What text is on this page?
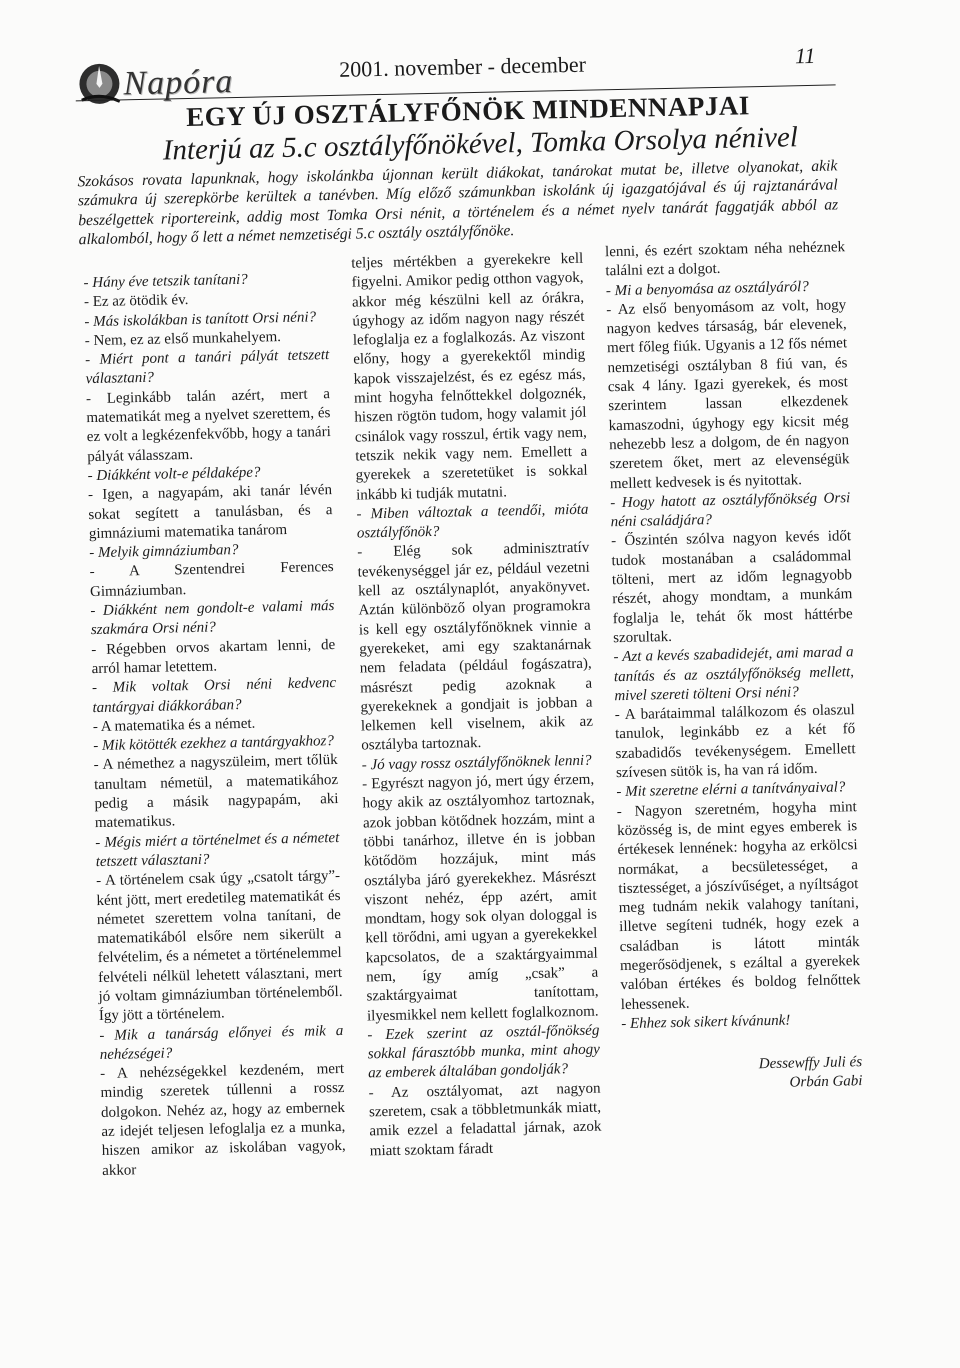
Napóra	2001. november - december	11
EGY ÚJ OSZTÁLYFŐNÖK MINDENNAPJAI
Interjú az 5.c osztályfőnökével, Tomka Orsolya nénivel
Szokásos rovata lapunknak, hogy iskolánkba újonnan került diákokat, tanárokat mutat be, illetve olyanokat, akik számukra új szerepkörbe kerültek a tanévben. Míg előző számunkban iskolánk új igazgatójával és új rajztanárával beszélgettek riportereink, addig most Tomka Orsi nénit, a történelem és a német nyelv tanárát faggatják abból az alkalomból, hogy ő lett a német nemzetiségi 5.c osztály osztályfőnöke.

- Hány éve tetszik tanítani?

- Ez az ötödik év.

- Más iskolákban is tanított Orsi néni?

- Nem, ez az első munkahelyem.

- Miért pont a tanári pályát tetszett választani?

- Leginkább talán azért, mert a matematikát meg a nyelvet szerettem, és ez volt a legkézenfekvőbb, hogy a tanári pályát válasszam.

- Diákként volt-e példaképe?

- Igen, a nagyapám, aki tanár lévén sokat segített a tanulásban, és a gimnáziumi matematika tanárom

- Melyik gimnáziumban?

- A Szentendrei Ferences Gimnáziumban.

- Diákként nem gondolt-e valami más szakmára Orsi néni?

- Régebben orvos akartam lenni, de arról hamar letettem.

- Mik voltak Orsi néni kedvenc tantárgyai diákkorában?

- A matematika és a német.

- Mik kötötték ezekhez a tantárgyakhoz?

- A némethez a nagyszüleim, mert tőlük tanultam németül, a matematikához pedig a másik nagypapám, aki matematikus.

- Mégis miért a történelmet és a németet tetszett választani?

- A történelem csak úgy „csatolt tárgy”-ként jött, mert eredetileg matematikát és németet szerettem volna tanítani, de matematikából elsőre nem sikerült a felvételim, és a németet a történelemmel felvételi nélkül lehetett választani, mert jó voltam gimnáziumban történelemből. Így jött a történelem.

- Mik a tanárság előnyei és mik a nehézségei?

- A nehézségekkel kezdeném, mert mindig szeretek túllenni a rossz dolgokon. Nehéz az, hogy az embernek az idejét teljesen lefoglalja ez a munka, hiszen amikor az iskolában vagyok, akkor

teljes mértékben a gyerekekre kell figyelni. Amikor pedig otthon vagyok, akkor még készülni kell az órákra, úgyhogy az időm nagyon nagy részét lefoglalja ez a foglalkozás. Az viszont előny, hogy a gyerekektől mindig kapok visszajelzést, és ez egész más, mint hogyha felnőttekkel dolgoznék, hiszen rögtön tudom, hogy valamit jól csinálok vagy rosszul, értik vagy nem, tetszik nekik vagy nem. Emellett a gyerekek a szeretetüket is sokkal inkább ki tudják mutatni.

- Miben változtak a teendői, mióta osztályfőnök?

- Elég sok adminisztratív tevékenységgel jár ez, például vezetni kell az osztálynaplót, anyakönyvet. Aztán különböző olyan programokra is kell egy osztályfőnöknek vinnie a gyerekeket, ami egy szaktanárnak nem feladata (például fogászatra), másrészt pedig azoknak a gyerekeknek a gondjait is jobban a lelkemen kell viselnem, akik az osztályba tartoznak.

- Jó vagy rossz osztályfőnöknek lenni?

- Egyrészt nagyon jó, mert úgy érzem, hogy akik az osztályomhoz tartoznak, azok jobban kötődnek hozzám, mint a többi tanárhoz, illetve én is jobban kötődöm hozzájuk, mint más osztályba járó gyerekekhez. Másrészt viszont nehéz, épp azért, amit mondtam, hogy sok olyan dologgal is kell törődni, ami ugyan a gyerekekkel kapcsolatos, de a szaktárgyaimmal nem, így amíg „csak” a szaktárgyaimat tanítottam, ilyesmikkel nem kellett foglalkoznom.

- Ezek szerint az osztál-főnökség sokkal fárasztóbb munka, mint ahogy az emberek általában gondolják?

- Az osztályomat, azt nagyon szeretem, csak a többletmunkák miatt, amik ezzel a feladattal járnak, azok miatt szoktam fáradt

lenni, és ezért szoktam néha nehéznek találni ezt a dolgot.

- Mi a benyomása az osztályáról?

- Az első benyomásom az volt, hogy nagyon kedves társaság, bár elevenek, mert főleg fiúk. Ugyanis a 12 fős német nemzetiségi osztályban 8 fiú van, és csak 4 lány. Igazi gyerekek, és most szerintem lassan elkezdenek kamaszodni, úgyhogy egy kicsit még nehezebb lesz a dolgom, de én nagyon szeretem őket, mert az elevenségük mellett kedvesek is és nyitottak.

- Hogy hatott az osztályfőnökség Orsi néni családjára?

- Őszintén szólva nagyon kevés időt tudok mostanában a családommal tölteni, mert az időm legnagyobb részét, ahogy mondtam, a munkám foglalja le, tehát ők most háttérbe szorultak.

- Azt a kevés szabadidejét, ami marad a tanítás és az osztályfőnökség mellett, mivel szereti tölteni Orsi néni?

- A barátaimmal találkozom és olaszul tanulok, leginkább ez a két fő szabadidős tevékenységem. Emellett szívesen sütök is, ha van rá időm.

- Mit szeretne elérni a tanítványaival?

- Nagyon szeretném, hogyha mint közösség is, de mint egyes emberek is értékesek lennének: hogyha az erkölcsi normákat, a becsületességet, a tisztességet, a jószívűséget, a nyíltságot meg tudnám nekik valahogy tanítani, illetve segíteni tudnék, hogy ezek a családban is látott minták megerősödjenek, s ezáltal a gyerekek valóban értékes és boldog felnőttek lehessenek.

- Ehhez sok sikert kívánunk!

Dessewffy Juli és
Orbán Gabi
